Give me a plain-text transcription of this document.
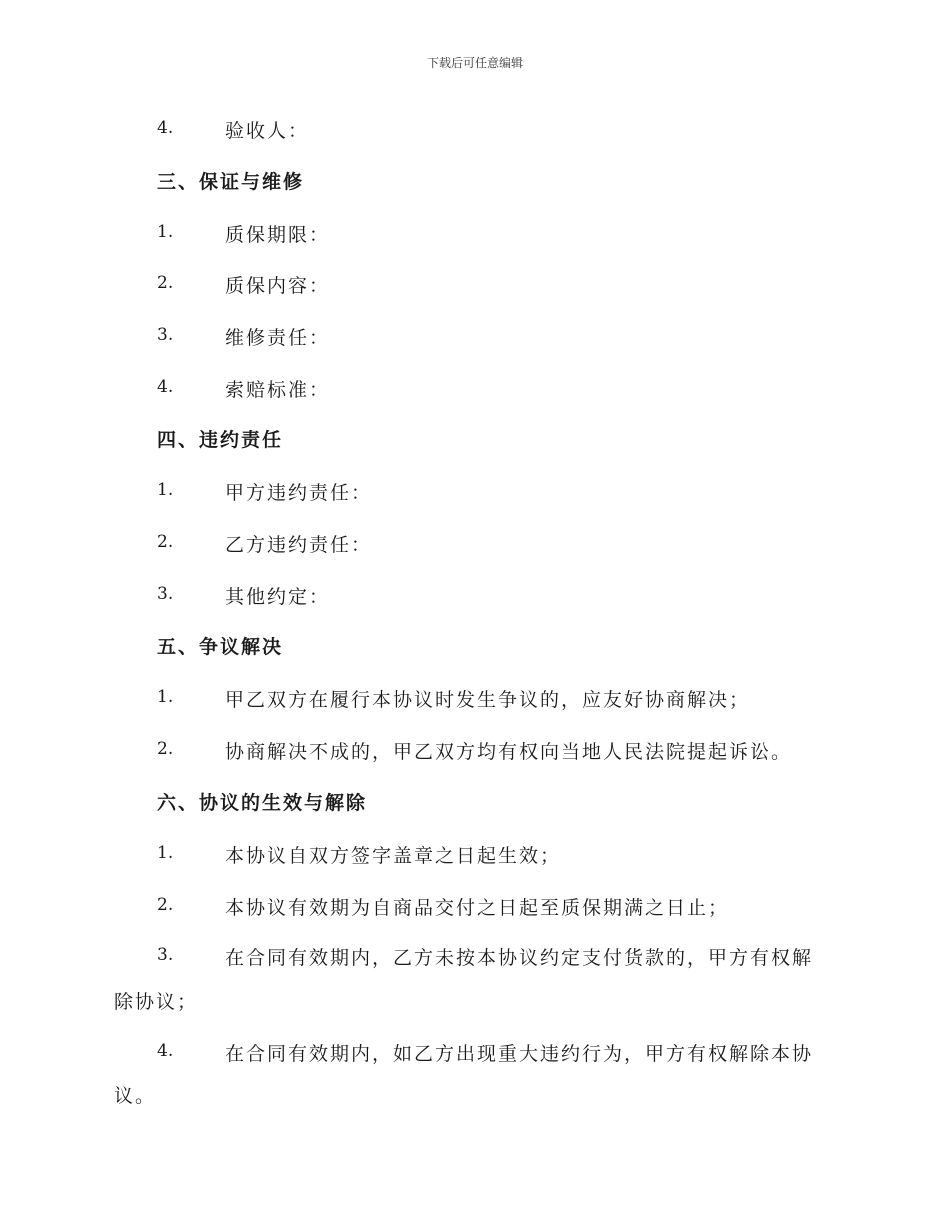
下载后可任意编辑
4.	验收人：
三、保证与维修
1.	质保期限：
2.	质保内容：
3.	维修责任：
4.	索赔标准：
四、违约责任
1.	甲方违约责任：
2.	乙方违约责任：
3.	其他约定：
五、争议解决
1.	甲乙双方在履行本协议时发生争议的，应友好协商解决；
2.	协商解决不成的，甲乙双方均有权向当地人民法院提起诉讼。
六、协议的生效与解除
1.	本协议自双方签字盖章之日起生效；
2.	本协议有效期为自商品交付之日起至质保期满之日止；
3.	在合同有效期内，乙方未按本协议约定支付货款的，甲方有权解
除协议；
4.	在合同有效期内，如乙方出现重大违约行为，甲方有权解除本协
议。
